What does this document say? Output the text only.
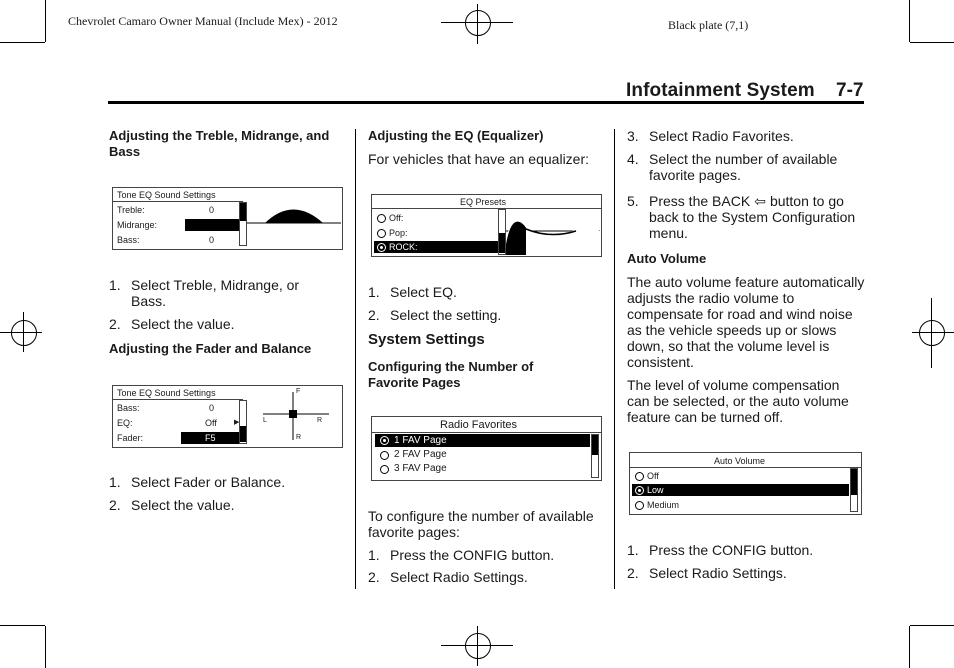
Chevrolet Camaro Owner Manual (Include Mex) - 2012	Black plate (7,1)
Infotainment System 7-7
Adjusting the Treble, Midrange, and Bass
Tone EQ Sound Settings
Treble:	0
Midrange:
Bass:	0
1. Select Treble, Midrange, or Bass.
2. Select the value.
Adjusting the Fader and Balance
Tone EQ Sound Settings
Bass:	0
EQ:	Off ▶
Fader:	F5
F
R
L	R
1. Select Fader or Balance.
2. Select the value.
Adjusting the EQ (Equalizer)
For vehicles that have an equalizer:
EQ Presets
Off:
Pop:
ROCK:
1. Select EQ.
2. Select the setting.
System Settings
Configuring the Number of Favorite Pages
Radio Favorites
1 FAV Page
2 FAV Page
3 FAV Page
To configure the number of available favorite pages:
1. Press the CONFIG button.
2. Select Radio Settings.
3. Select Radio Favorites.
4. Select the number of available favorite pages.
5. Press the BACK ⇦ button to go back to the System Configuration menu.
Auto Volume
The auto volume feature automatically adjusts the radio volume to compensate for road and wind noise as the vehicle speeds up or slows down, so that the volume level is consistent.
The level of volume compensation can be selected, or the auto volume feature can be turned off.
Auto Volume
Off
Low
Medium
1. Press the CONFIG button.
2. Select Radio Settings.
